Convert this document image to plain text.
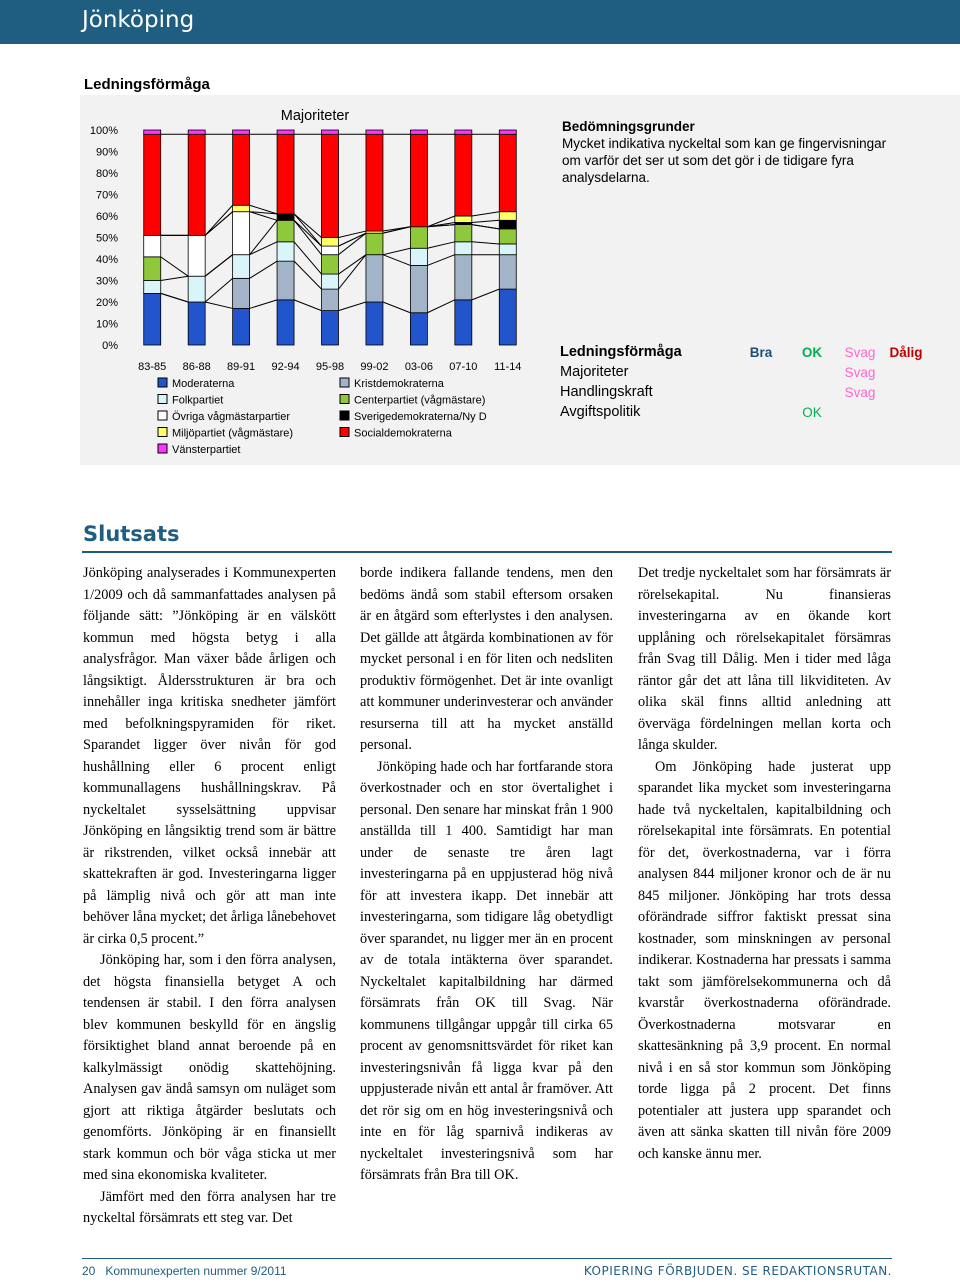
Jönköping
Ledningsförmåga
Majoriteter
0%
10%
20%
30%
40%
50%
60%
70%
80%
90%
100%
83-85 86-88 89-91 92-94 95-98 99-02 03-06 07-10 11-14
Moderaterna
Folkpartiet
Övriga vågmästarpartier
Miljöpartiet (vågmästare)
Vänsterpartiet
Kristdemokraterna
Centerpartiet (vågmästare)
Sverigedemokraterna/Ny D
Socialdemokraterna
Bedömningsgrunder
Mycket indikativa nyckeltal som kan ge fingervisningar om varför det ser ut som det gör i de tidigare fyra analysdelarna.
Ledningsförmåga	Bra	OK	Svag	Dålig
Majoriteter			Svag	
Handlingskraft			Svag	
Avgiftspolitik		OK		
Slutsats

Jönköping analyserades i Kommunexperten 1/2009 och då sammanfattades analysen på följande sätt: ”Jönköping är en välskött kommun med högsta betyg i alla analysfrågor. Man växer både årligen och långsiktigt. Åldersstrukturen är bra och innehåller inga kritiska snedheter jämfört med befolkningspyramiden för riket. Sparandet ligger över nivån för god hushållning eller 6 procent enligt kommunallagens hushållningskrav. På nyckeltalet sysselsättning uppvisar Jönköping en långsiktig trend som är bättre är rikstrenden, vilket också innebär att skattekraften är god. Investeringarna ligger på lämplig nivå och gör att man inte behöver låna mycket; det årliga lånebehovet är cirka 0,5 procent.”

Jönköping har, som i den förra analysen, det högsta finansiella betyget A och tendensen är stabil. I den förra analysen blev kommunen beskylld för en ängslig försiktighet bland annat beroende på en kalkylmässigt onödig skattehöjning. Analysen gav ändå samsyn om nuläget som gjort att riktiga åtgärder beslutats och genomförts. Jönköping är en finansiellt stark kommun och bör våga sticka ut mer med sina ekonomiska kvaliteter.

Jämfört med den förra analysen har tre nyckeltal försämrats ett steg var. Det

borde indikera fallande tendens, men den bedöms ändå som stabil eftersom orsaken är en åtgärd som efterlystes i den analysen. Det gällde att åtgärda kombinationen av för mycket personal i en för liten och nedsliten produktiv förmögenhet. Det är inte ovanligt att kommuner underinvesterar och använder resurserna till att ha mycket anställd personal.

Jönköping hade och har fortfarande stora överkostnader och en stor övertalighet i personal. Den senare har minskat från 1 900 anställda till 1 400. Samtidigt har man under de senaste tre åren lagt investeringarna på en uppjusterad hög nivå för att investera ikapp. Det innebär att investeringarna, som tidigare låg obetydligt över sparandet, nu ligger mer än en procent av de totala intäkterna över sparandet. Nyckeltalet kapitalbildning har därmed försämrats från OK till Svag. När kommunens tillgångar uppgår till cirka 65 procent av genomsnittsvärdet för riket kan investeringsnivån få ligga kvar på den uppjusterade nivån ett antal år framöver. Att det rör sig om en hög investeringsnivå och inte en för låg sparnivå indikeras av nyckeltalet investeringsnivå som har försämrats från Bra till OK.

Det tredje nyckeltalet som har försämrats är rörelsekapital. Nu finansieras investeringarna av en ökande kort upplåning och rörelsekapitalet försämras från Svag till Dålig. Men i tider med låga räntor går det att låna till likviditeten. Av olika skäl finns alltid anledning att överväga fördelningen mellan korta och långa skulder.

Om Jönköping hade justerat upp sparandet lika mycket som investeringarna hade två nyckeltalen, kapitalbildning och rörelsekapital inte försämrats. En potential för det, överkostnaderna, var i förra analysen 844 miljoner kronor och de är nu 845 miljoner. Jönköping har trots dessa oförändrade siffror faktiskt pressat sina kostnader, som minskningen av personal indikerar. Kostnaderna har pressats i samma takt som jämförelsekommunerna och då kvarstår överkostnaderna oförändrade. Överkostnaderna motsvarar en skattesänkning på 3,9 procent. En normal nivå i en så stor kommun som Jönköping torde ligga på 2 procent. Det finns potentialer att justera upp sparandet och även att sänka skatten till nivån före 2009 och kanske ännu mer.

20   Kommunexperten nummer 9/2011	KOPIERING FÖRBJUDEN. SE REDAKTIONSRUTAN.
